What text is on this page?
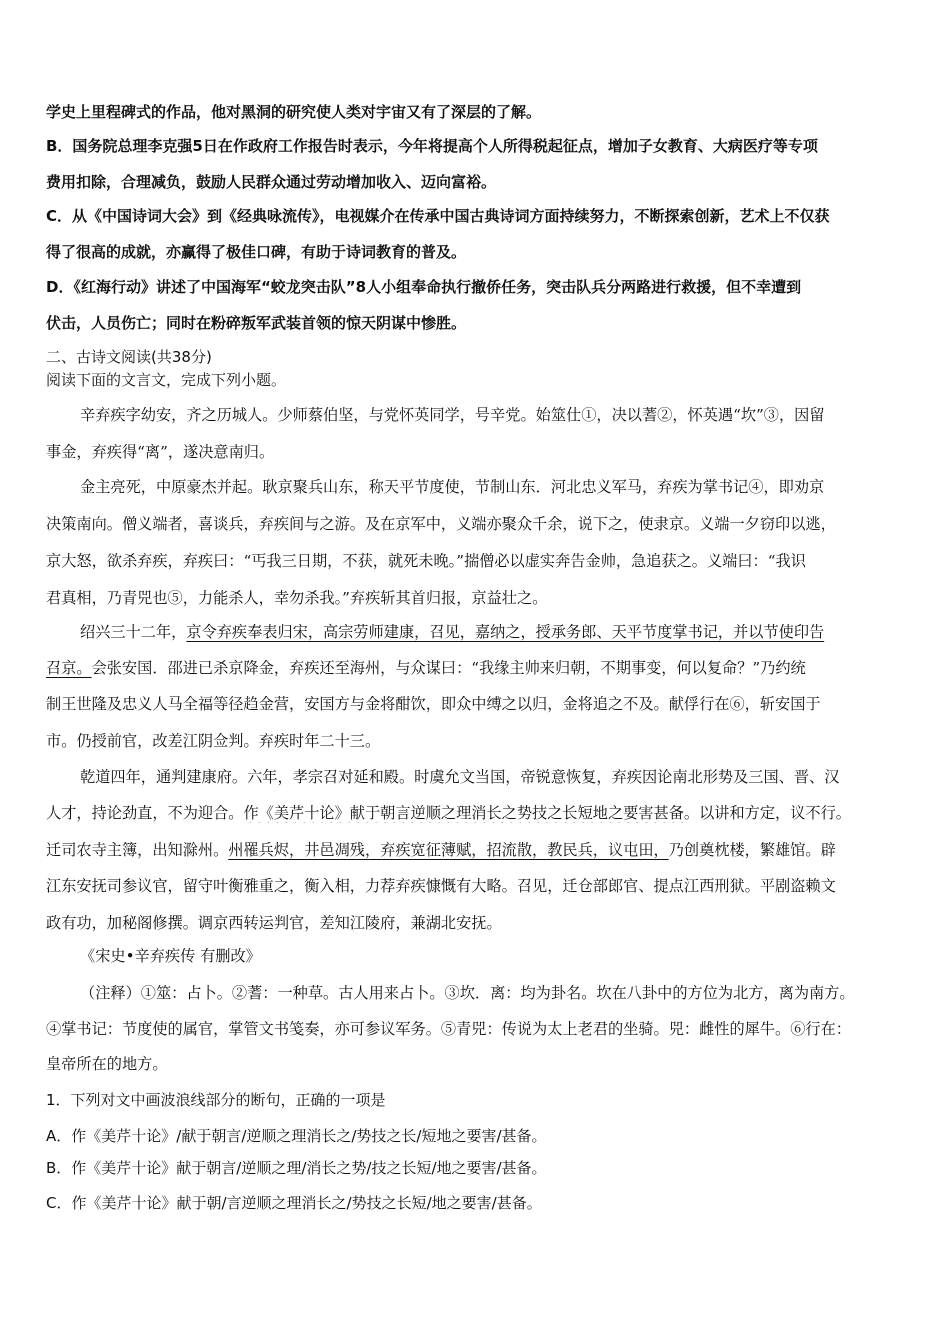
学史上里程碑式的作品，他对黑洞的研究使人类对宇宙又有了深层的了解。
B．国务院总理李克强5日在作政府工作报告时表示，今年将提高个人所得税起征点，增加子女教育、大病医疗等专项
费用扣除，合理减负，鼓励人民群众通过劳动增加收入、迈向富裕。
C．从《中国诗词大会》到《经典咏流传》，电视媒介在传承中国古典诗词方面持续努力，不断探索创新，艺术上不仅获
得了很高的成就，亦赢得了极佳口碑，有助于诗词教育的普及。
D．《红海行动》讲述了中国海军“蛟龙突击队”8人小组奉命执行撤侨任务，突击队兵分两路进行救援，但不幸遭到
伏击，人员伤亡；同时在粉碎叛军武装首领的惊天阴谋中惨胜。
二、古诗文阅读(共38分)
阅读下面的文言文，完成下列小题。
辛弃疾字幼安，齐之历城人。少师蔡伯坚，与党怀英同学，号辛党。始筮仕①，决以蓍②，怀英遇“坎”③，因留
事金，弃疾得“离”，遂决意南归。
金主亮死，中原豪杰并起。耿京聚兵山东，称天平节度使，节制山东．河北忠义军马，弃疾为掌书记④，即劝京
决策南向。僧义端者，喜谈兵，弃疾间与之游。及在京军中，义端亦聚众千余，说下之，使隶京。义端一夕窃印以逃，
京大怒，欲杀弃疾，弃疾曰：“丐我三日期，不获，就死未晚。”揣僧必以虚实奔告金帅，急追获之。义端曰：“我识
君真相，乃青兕也⑤，力能杀人，幸勿杀我。”弃疾斩其首归报，京益壮之。
绍兴三十二年，京令弃疾奉表归宋，高宗劳师建康，召见，嘉纳之，授承务郎、天平节度掌书记，并以节使印告
召京。会张安国．邵进已杀京降金，弃疾还至海州，与众谋曰：“我缘主帅来归朝，不期事变，何以复命？”乃约统
制王世隆及忠义人马全福等径趋金营，安国方与金将酣饮，即众中缚之以归，金将追之不及。献俘行在⑥，斩安国于
市。仍授前官，改差江阴佥判。弃疾时年二十三。
乾道四年，通判建康府。六年，孝宗召对延和殿。时虞允文当国，帝锐意恢复，弃疾因论南北形势及三国、晋、汉
人才，持论劲直，不为迎合。作《美芹十论》献于朝言逆顺之理消长之势技之长短地之要害甚备。以讲和方定，议不行。
迁司农寺主簿，出知滁州。州罹兵烬，井邑凋残，弃疾宽征薄赋，招流散，教民兵，议屯田，乃创奠枕楼，繁雄馆。辟
江东安抚司参议官，留守叶衡雅重之，衡入相，力荐弃疾慷慨有大略。召见，迁仓部郎官、提点江西刑狱。平剧盗赖文
政有功，加秘阁修撰。调京西转运判官，差知江陵府，兼湖北安抚。
《宋史•辛弃疾传 有删改》
（注释）①筮：占卜。②蓍：一种草。古人用来占卜。③坎．离：均为卦名。坎在八卦中的方位为北方，离为南方。
④掌书记：节度使的属官，掌管文书笺奏，亦可参议军务。⑤青兕：传说为太上老君的坐骑。兕：雌性的犀牛。⑥行在：
皇帝所在的地方。
1．下列对文中画波浪线部分的断句，正确的一项是
A．作《美芹十论》/献于朝言/逆顺之理消长之/势技之长/短地之要害/甚备。
B．作《美芹十论》献于朝言/逆顺之理/消长之势/技之长短/地之要害/甚备。
C．作《美芹十论》献于朝/言逆顺之理消长之/势技之长短/地之要害/甚备。
